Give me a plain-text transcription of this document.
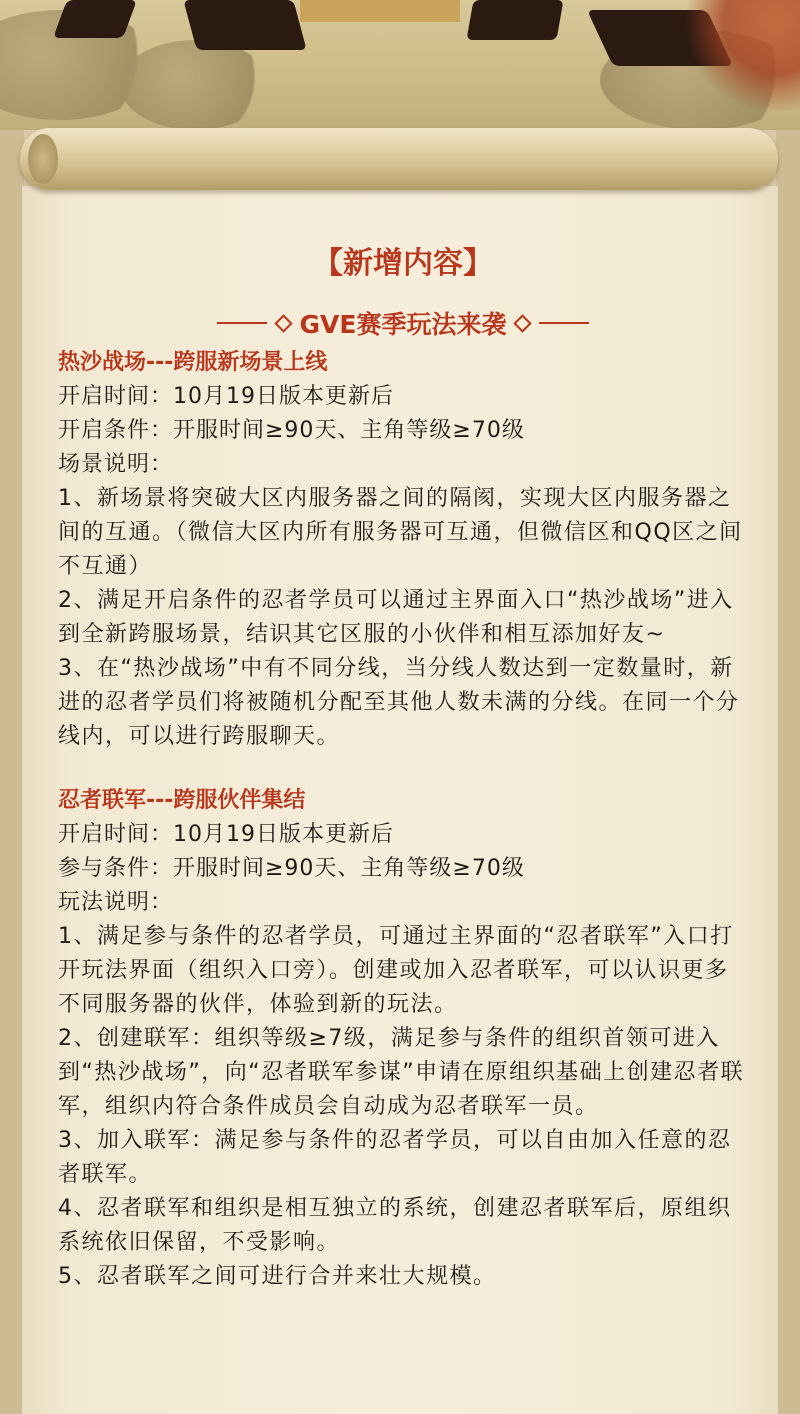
【新增内容】
GVE赛季玩法来袭

热沙战场---跨服新场景上线

开启时间：10月19日版本更新后

开启条件：开服时间≥90天、主角等级≥70级

场景说明：

1、新场景将突破大区内服务器之间的隔阂，实现大区内服务器之间的互通。（微信大区内所有服务器可互通，但微信区和QQ区之间不互通）

2、满足开启条件的忍者学员可以通过主界面入口“热沙战场”进入到全新跨服场景，结识其它区服的小伙伴和相互添加好友~

3、在“热沙战场”中有不同分线，当分线人数达到一定数量时，新进的忍者学员们将被随机分配至其他人数未满的分线。在同一个分线内，可以进行跨服聊天。

忍者联军---跨服伙伴集结

开启时间：10月19日版本更新后

参与条件：开服时间≥90天、主角等级≥70级

玩法说明：

1、满足参与条件的忍者学员，可通过主界面的“忍者联军”入口打开玩法界面（组织入口旁）。创建或加入忍者联军，可以认识更多不同服务器的伙伴，体验到新的玩法。

2、创建联军：组织等级≥7级，满足参与条件的组织首领可进入到“热沙战场”，向“忍者联军参谋”申请在原组织基础上创建忍者联军，组织内符合条件成员会自动成为忍者联军一员。

3、加入联军：满足参与条件的忍者学员，可以自由加入任意的忍者联军。

4、忍者联军和组织是相互独立的系统，创建忍者联军后，原组织系统依旧保留，不受影响。

5、忍者联军之间可进行合并来壮大规模。
